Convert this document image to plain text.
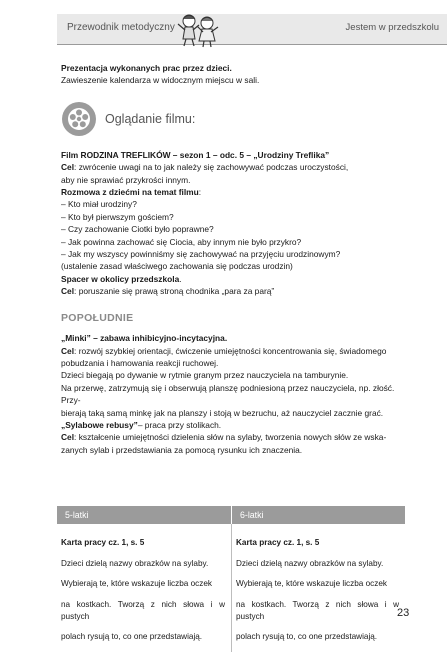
Przewodnik metodyczny	Jestem w przedszkolu

Prezentacja wykonanych prac przez dzieci.

Zawieszenie kalendarza w widocznym miejscu w sali.

Oglądanie filmu:

Film RODZINA TREFLIKÓW – sezon 1 – odc. 5 – „Urodziny Treflika”

Cel: zwrócenie uwagi na to jak należy się zachowywać podczas uroczystości,

aby nie sprawiać przykrości innym.

Rozmowa z dziećmi na temat filmu:

– Kto miał urodziny?

– Kto był pierwszym gościem?

– Czy zachowanie Ciotki było poprawne?

– Jak powinna zachować się Ciocia, aby innym nie było przykro?

– Jak my wszyscy powinniśmy się zachowywać na przyjęciu urodzinowym?

(ustalenie zasad właściwego zachowania się podczas urodzin)

Spacer w okolicy przedszkola.

Cel: poruszanie się prawą stroną chodnika „para za parą”

POPOŁUDNIE

„Minki” – zabawa inhibicyjno-incytacyjna.

Cel: rozwój szybkiej orientacji, ćwiczenie umiejętności koncentrowania się, świadomego

pobudzania i hamowania reakcji ruchowej.

Dzieci biegają po dywanie w rytmie granym przez nauczyciela na tamburynie.

Na przerwę, zatrzymują się i obserwują planszę podniesioną przez nauczyciela, np. złość. Przy-

bierają taką samą minkę jak na planszy i stoją w bezruchu, aż nauczyciel zacznie grać.

„Sylabowe rebusy”– praca przy stolikach.

Cel: kształcenie umiejętności dzielenia słów na sylaby, tworzenia nowych słów ze wska-

zanych sylab i przedstawiania za pomocą rysunku ich znaczenia.

5-latki	6-latki

Karta pracy cz. 1, s. 5

Dzieci dzielą nazwy obrazków na sylaby.

Wybierają te, które wskazuje liczba oczek

na kostkach. Tworzą z nich słowa i w pustych

polach rysują to, co one przedstawiają.

Karta pracy cz. 1, s. 5

Dzieci dzielą nazwy obrazków na sylaby.

Wybierają te, które wskazuje liczba oczek

na kostkach. Tworzą z nich słowa i w pustych

polach rysują to, co one przedstawiają.

23
